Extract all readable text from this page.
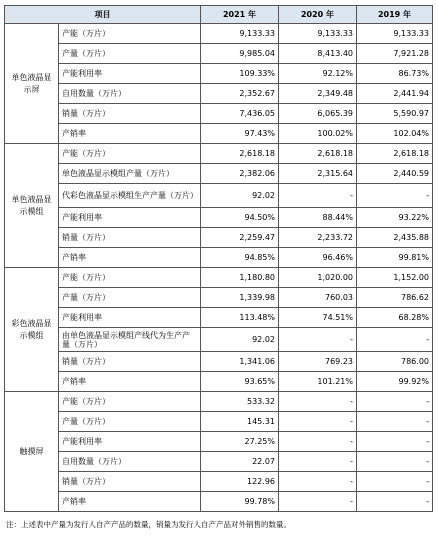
项目		2021 年	2020 年	2019 年
单色液晶显示屏	产能（万片）	9,133.33	9,133.33	9,133.33
	产量（万片）	9,985.04	8,413.40	7,921.28
	产能利用率	109.33%	92.12%	86.73%
	自用数量（万片）	2,352.67	2,349.48	2,441.94
	销量（万片）	7,436.05	6,065.39	5,590.97
	产销率	97.43%	100.02%	102.04%
单色液晶显示模组	产能（万片）	2,618.18	2,618.18	2,618.18
	单色液晶显示模组产量（万片）	2,382.06	2,315.64	2,440.59
	代彩色液晶显示模组生产产量（万片）	92.02	-	-
	产能利用率	94.50%	88.44%	93.22%
	销量（万片）	2,259.47	2,233.72	2,435.88
	产销率	94.85%	96.46%	99.81%
彩色液晶显示模组	产能（万片）	1,180.80	1,020.00	1,152.00
	产量（万片）	1,339.98	760.03	786.62
	产能利用率	113.48%	74.51%	68.28%
	由单色液晶显示模组产线代为生产产量（万片）	92.02	-	-
	销量（万片）	1,341.06	769.23	786.00
	产销率	93.65%	101.21%	99.92%
触摸屏	产能（万片）	533.32	-	-
	产量（万片）	145.31	-	-
	产能利用率	27.25%	-	-
	自用数量（万片）	22.07	-	-
	销量（万片）	122.96	-	-
	产销率	99.78%	-	-
注：上述表中产量为发行人自产产品的数量，销量为发行人自产产品对外销售的数量。
